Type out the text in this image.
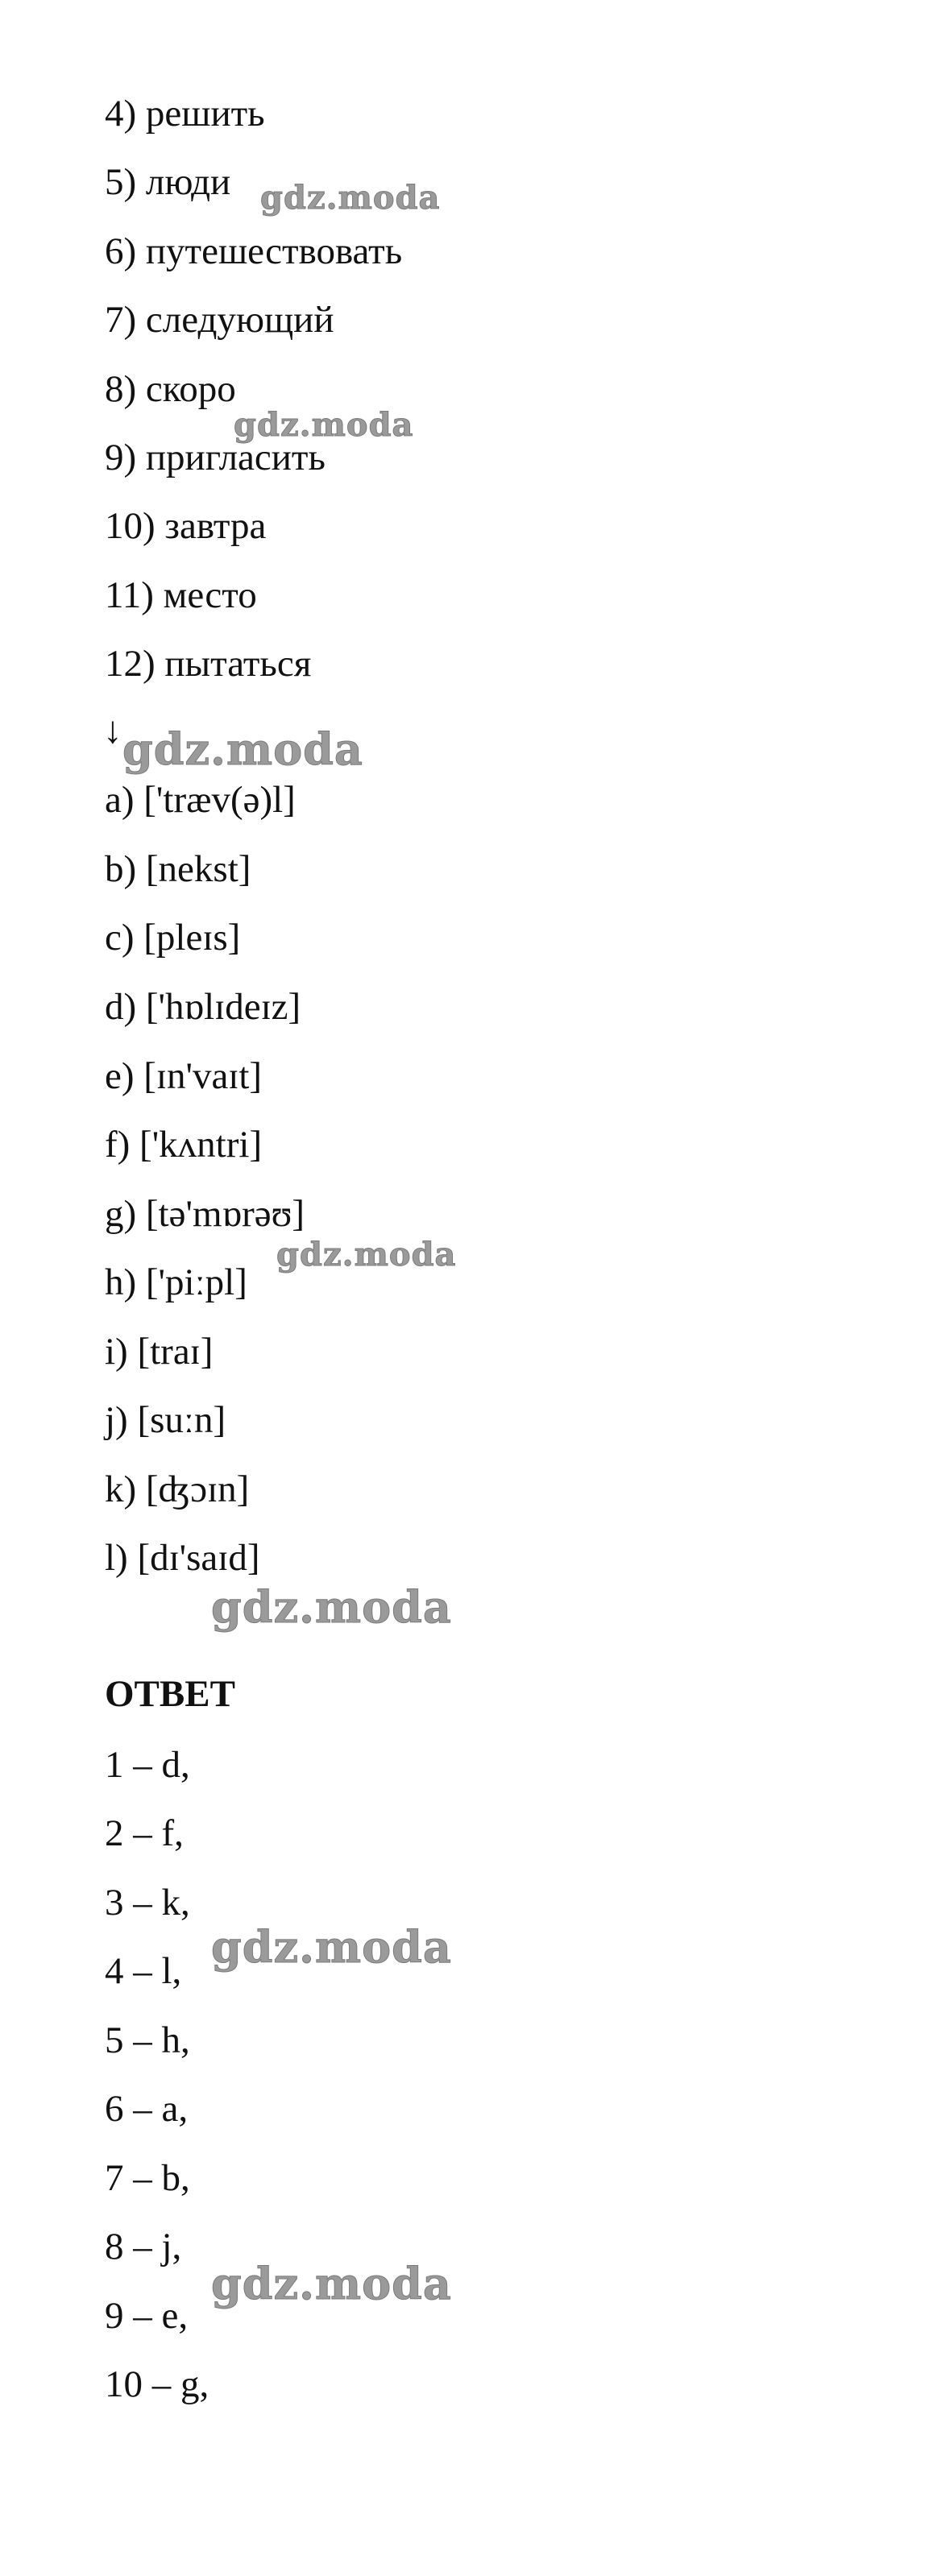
4) решить
5) люди
6) путешествовать
7) следующий
8) скоро
9) пригласить
10) завтра
11) место
12) пытаться
↓
a) ['træv(ə)l]
b) [nekst]
c) [pleɪs]
d) ['hɒlɪdeɪz]
e) [ɪn'vaɪt]
f) ['kʌntri]
g) [tə'mɒrəʊ]
h) ['piːpl]
i) [traɪ]
j) [suːn]
k) [ʤɔɪn]
l) [dɪ'saɪd]
ОТВЕТ
1 – d,
2 – f,
3 – k,
4 – l,
5 – h,
6 – a,
7 – b,
8 – j,
9 – e,
10 – g,
gdz.moda
gdz.moda
gdz.moda
gdz.moda
gdz.moda
gdz.moda
gdz.moda
